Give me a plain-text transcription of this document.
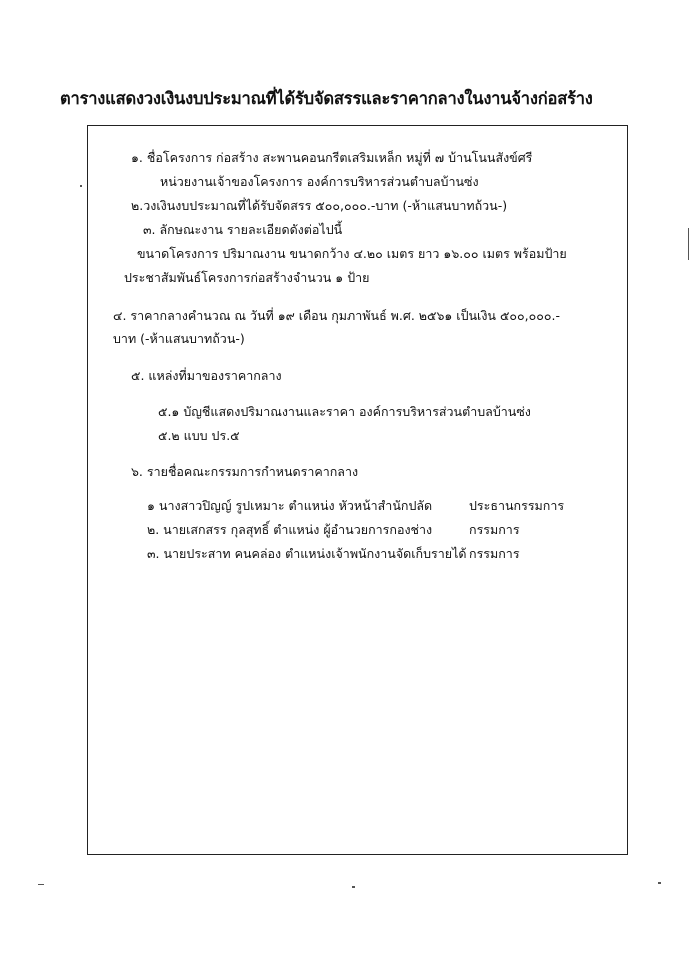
ตารางแสดงวงเงินงบประมาณที่ได้รับจัดสรรและราคากลางในงานจ้างก่อสร้าง
๑. ชื่อโครงการ ก่อสร้าง สะพานคอนกรีตเสริมเหล็ก หมู่ที่ ๗ บ้านโนนสังข์ศรี
หน่วยงานเจ้าของโครงการ องค์การบริหารส่วนตำบลบ้านซ่ง
๒.วงเงินงบประมาณที่ได้รับจัดสรร ๕๐๐,๐๐๐.-บาท (-ห้าแสนบาทถ้วน-)
๓. ลักษณะงาน รายละเอียดดังต่อไปนี้
ขนาดโครงการ ปริมาณงาน ขนาดกว้าง ๔.๒๐ เมตร ยาว ๑๖.๐๐ เมตร พร้อมป้าย
ประชาสัมพันธ์โครงการก่อสร้างจำนวน ๑ ป้าย
๔. ราคากลางคำนวณ ณ วันที่ ๑๙ เดือน กุมภาพันธ์ พ.ศ. ๒๕๖๑ เป็นเงิน ๕๐๐,๐๐๐.-
บาท (-ห้าแสนบาทถ้วน-)
๕. แหล่งที่มาของราคากลาง
๕.๑ บัญชีแสดงปริมาณงานและราคา องค์การบริหารส่วนตำบลบ้านซ่ง
๕.๒ แบบ ปร.๕
๖. รายชื่อคณะกรรมการกำหนดราคากลาง
๑ นางสาวปิญญ์ รูปเหมาะ ตำแหน่ง หัวหน้าสำนักปลัด	ประธานกรรมการ
๒. นายเสกสรร กุลสุทธิ์ ตำแหน่ง ผู้อำนวยการกองช่าง	กรรมการ
๓. นายประสาท คนคล่อง ตำแหน่งเจ้าพนักงานจัดเก็บรายได้ กรรมการ
